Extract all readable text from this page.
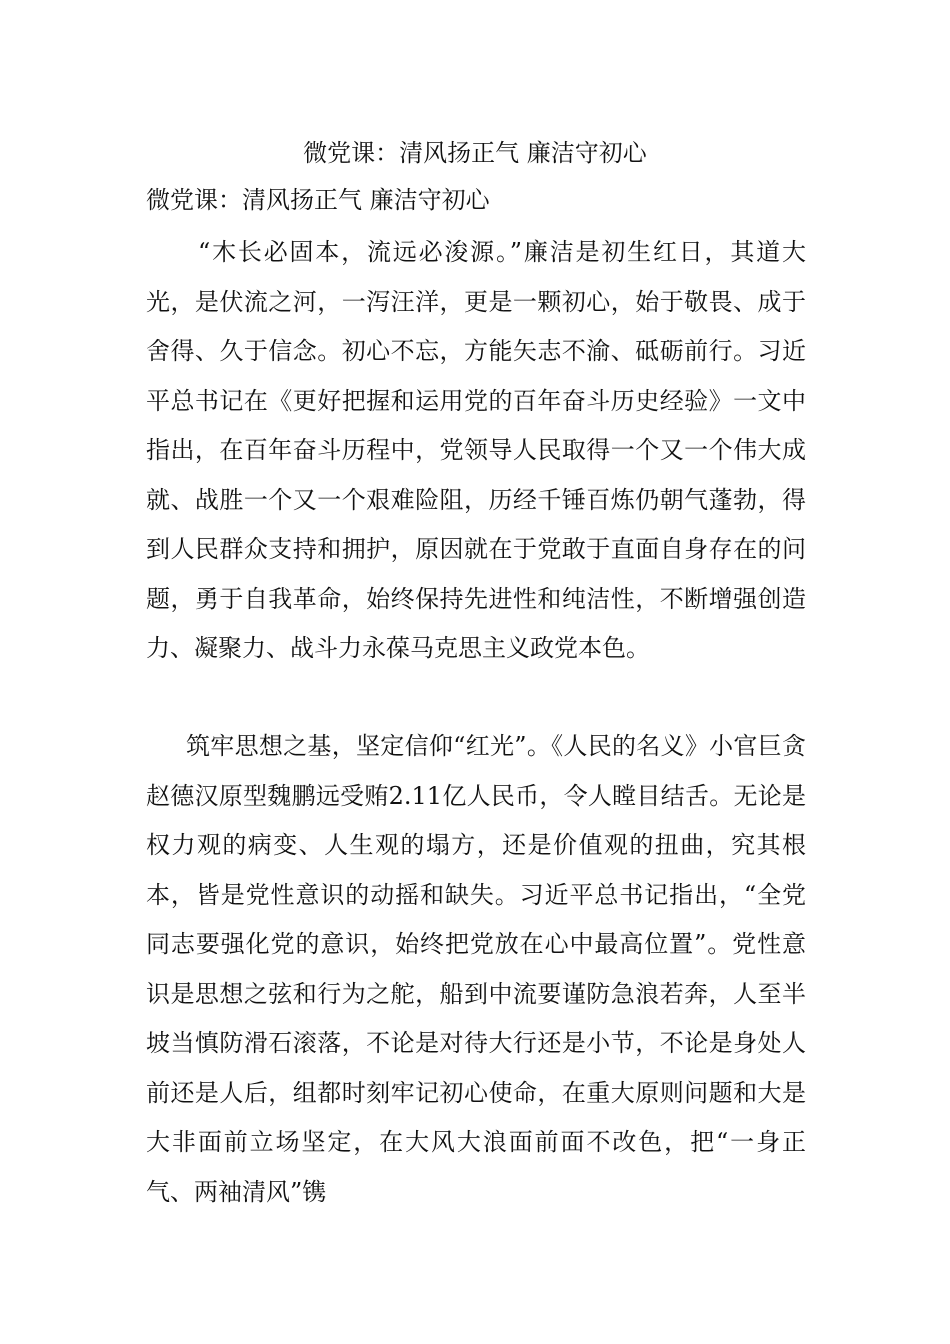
微党课：清风扬正气 廉洁守初心
微党课：清风扬正气 廉洁守初心

“木长必固本，流远必浚源。”廉洁是初生红日，其道大光，是伏流之河，一泻汪洋，更是一颗初心，始于敬畏、成于舍得、久于信念。初心不忘，方能矢志不渝、砥砺前行。习近平总书记在《更好把握和运用党的百年奋斗历史经验》一文中指出，在百年奋斗历程中，党领导人民取得一个又一个伟大成就、战胜一个又一个艰难险阻，历经千锤百炼仍朝气蓬勃，得到人民群众支持和拥护，原因就在于党敢于直面自身存在的问题，勇于自我革命，始终保持先进性和纯洁性，不断增强创造力、凝聚力、战斗力永葆马克思主义政党本色。

筑牢思想之基，坚定信仰“红光”。《人民的名义》小官巨贪赵德汉原型魏鹏远受贿2.11亿人民币，令人瞠目结舌。无论是权力观的病变、人生观的塌方，还是价值观的扭曲，究其根本，皆是党性意识的动摇和缺失。习近平总书记指出，“全党同志要强化党的意识，始终把党放在心中最高位置”。党性意识是思想之弦和行为之舵，船到中流要谨防急浪若奔，人至半坡当慎防滑石滚落，不论是对待大行还是小节，不论是身处人前还是人后，组都时刻牢记初心使命，在重大原则问题和大是大非面前立场坚定，在大风大浪面前面不改色，把“一身正气、两袖清风”镌
